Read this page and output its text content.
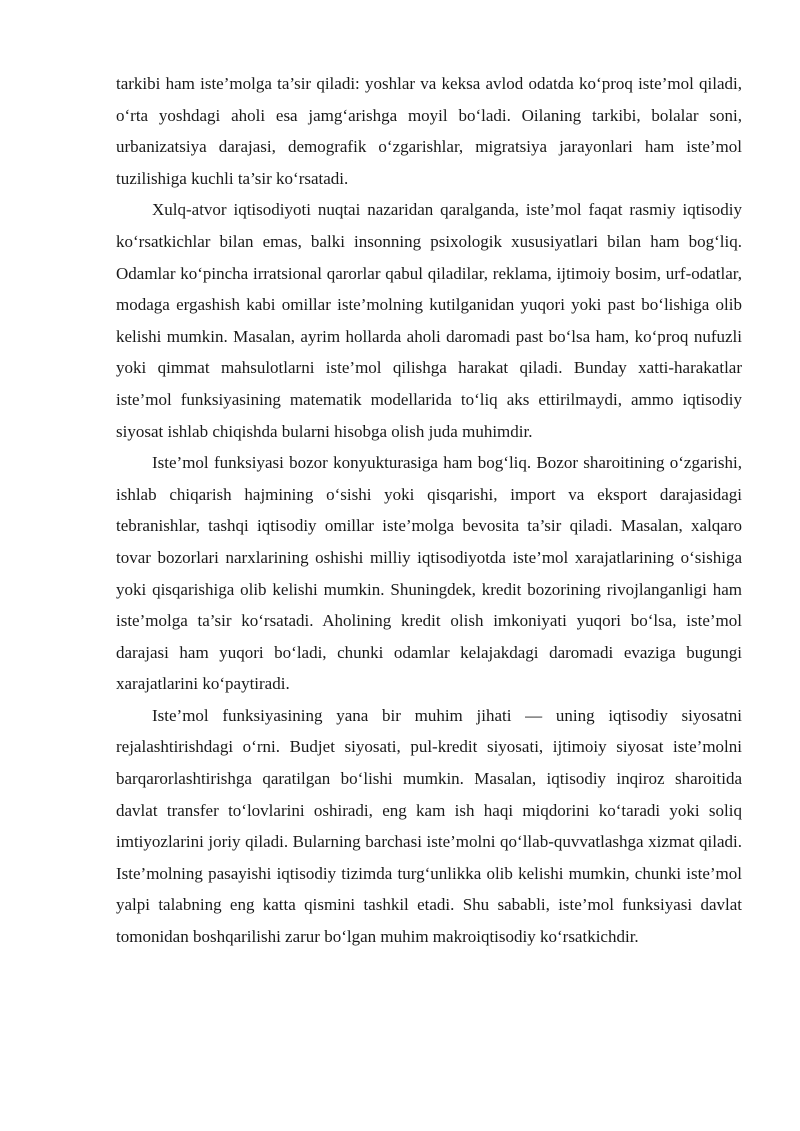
tarkibi ham iste’molga ta’sir qiladi: yoshlar va keksa avlod odatda koʻproq iste’mol qiladi, oʻrta yoshdagi aholi esa jamgʻarishga moyil boʻladi. Oilaning tarkibi, bolalar soni, urbanizatsiya darajasi, demografik oʻzgarishlar, migratsiya jarayonlari ham iste’mol tuzilishiga kuchli ta’sir koʻrsatadi.

Xulq-atvor iqtisodiyoti nuqtai nazaridan qaralganda, iste’mol faqat rasmiy iqtisodiy koʻrsatkichlar bilan emas, balki insonning psixologik xususiyatlari bilan ham bogʻliq. Odamlar koʻpincha irratsional qarorlar qabul qiladilar, reklama, ijtimoiy bosim, urf-odatlar, modaga ergashish kabi omillar iste’molning kutilganidan yuqori yoki past boʻlishiga olib kelishi mumkin. Masalan, ayrim hollarda aholi daromadi past boʻlsa ham, koʻproq nufuzli yoki qimmat mahsulotlarni iste’mol qilishga harakat qiladi. Bunday xatti-harakatlar iste’mol funksiyasining matematik modellarida toʻliq aks ettirilmaydi, ammo iqtisodiy siyosat ishlab chiqishda bularni hisobga olish juda muhimdir.

Iste’mol funksiyasi bozor konyukturasiga ham bogʻliq. Bozor sharoitining oʻzgarishi, ishlab chiqarish hajmining oʻsishi yoki qisqarishi, import va eksport darajasidagi tebranishlar, tashqi iqtisodiy omillar iste’molga bevosita ta’sir qiladi. Masalan, xalqaro tovar bozorlari narxlarining oshishi milliy iqtisodiyotda iste’mol xarajatlarining oʻsishiga yoki qisqarishiga olib kelishi mumkin. Shuningdek, kredit bozorining rivojlanganligi ham iste’molga ta’sir koʻrsatadi. Aholining kredit olish imkoniyati yuqori boʻlsa, iste’mol darajasi ham yuqori boʻladi, chunki odamlar kelajakdagi daromadi evaziga bugungi xarajatlarini koʻpaytiradi.

Iste’mol funksiyasining yana bir muhim jihati — uning iqtisodiy siyosatni rejalashtirishdagi oʻrni. Budjet siyosati, pul-kredit siyosati, ijtimoiy siyosat iste’molni barqarorlashtirishga qaratilgan boʻlishi mumkin. Masalan, iqtisodiy inqiroz sharoitida davlat transfer toʻlovlarini oshiradi, eng kam ish haqi miqdorini koʻtaradi yoki soliq imtiyozlarini joriy qiladi. Bularning barchasi iste’molni qoʻllab-quvvatlashga xizmat qiladi. Iste’molning pasayishi iqtisodiy tizimda turgʻunlikka olib kelishi mumkin, chunki iste’mol yalpi talabning eng katta qismini tashkil etadi. Shu sababli, iste’mol funksiyasi davlat tomonidan boshqarilishi zarur boʻlgan muhim makroiqtisodiy koʻrsatkichdir.
